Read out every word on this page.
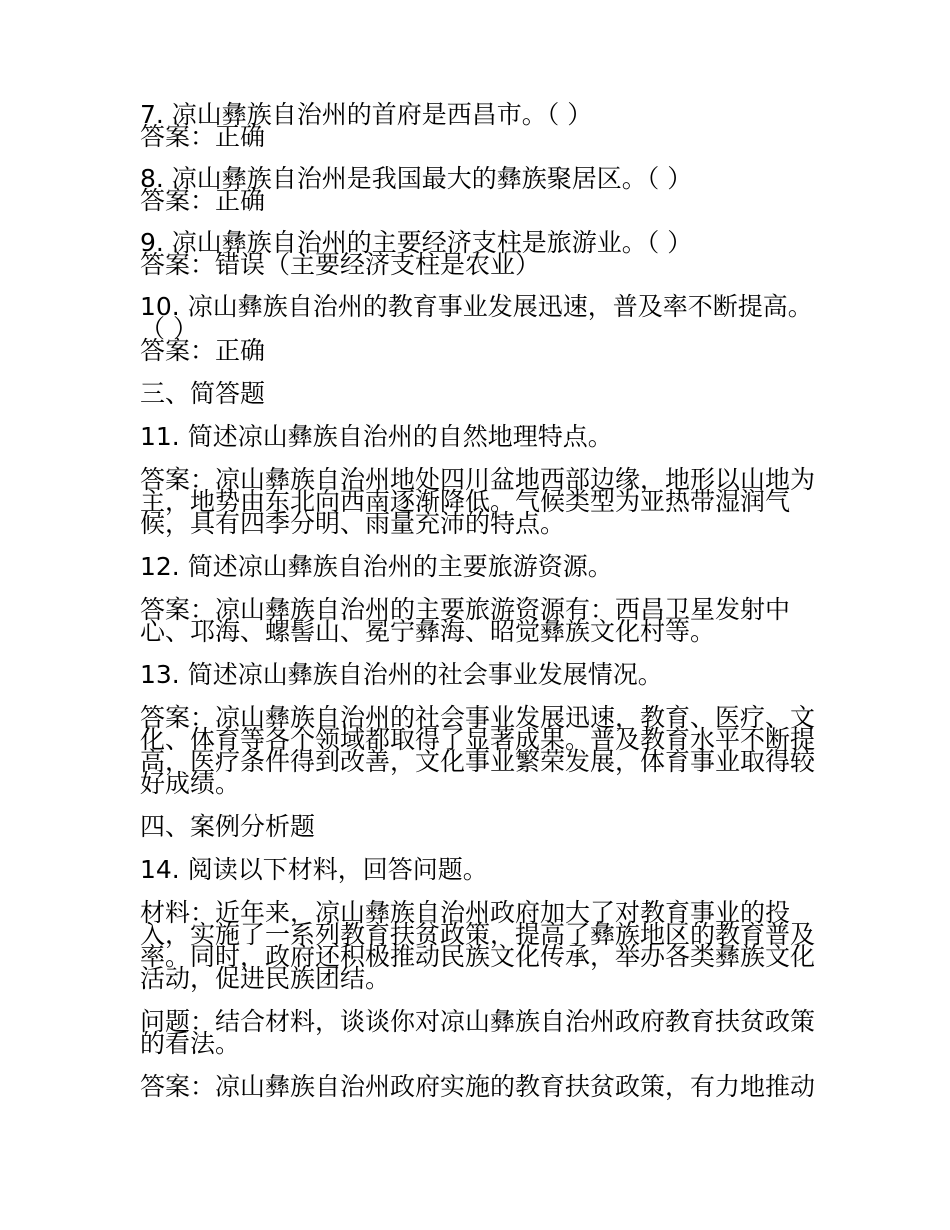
7. 凉山彝族自治州的首府是西昌市。（ ）
答案：正确
8. 凉山彝族自治州是我国最大的彝族聚居区。（ ）
答案：正确
9. 凉山彝族自治州的主要经济支柱是旅游业。（ ）
答案：错误（主要经济支柱是农业）
10. 凉山彝族自治州的教育事业发展迅速，普及率不断提高。（ ）
答案：正确
三、简答题
11. 简述凉山彝族自治州的自然地理特点。
答案：凉山彝族自治州地处四川盆地西部边缘，地形以山地为主，地势由东北向西南逐渐降低。气候类型为亚热带湿润气候，具有四季分明、雨量充沛的特点。
12. 简述凉山彝族自治州的主要旅游资源。
答案：凉山彝族自治州的主要旅游资源有：西昌卫星发射中心、邛海、螺髻山、冕宁彝海、昭觉彝族文化村等。
13. 简述凉山彝族自治州的社会事业发展情况。
答案：凉山彝族自治州的社会事业发展迅速，教育、医疗、文化、体育等各个领域都取得了显著成果。普及教育水平不断提高，医疗条件得到改善，文化事业繁荣发展，体育事业取得较好成绩。
四、案例分析题
14. 阅读以下材料，回答问题。
材料：近年来，凉山彝族自治州政府加大了对教育事业的投入，实施了一系列教育扶贫政策，提高了彝族地区的教育普及率。同时，政府还积极推动民族文化传承，举办各类彝族文化活动，促进民族团结。
问题：结合材料，谈谈你对凉山彝族自治州政府教育扶贫政策的看法。
答案：凉山彝族自治州政府实施的教育扶贫政策，有力地推动
